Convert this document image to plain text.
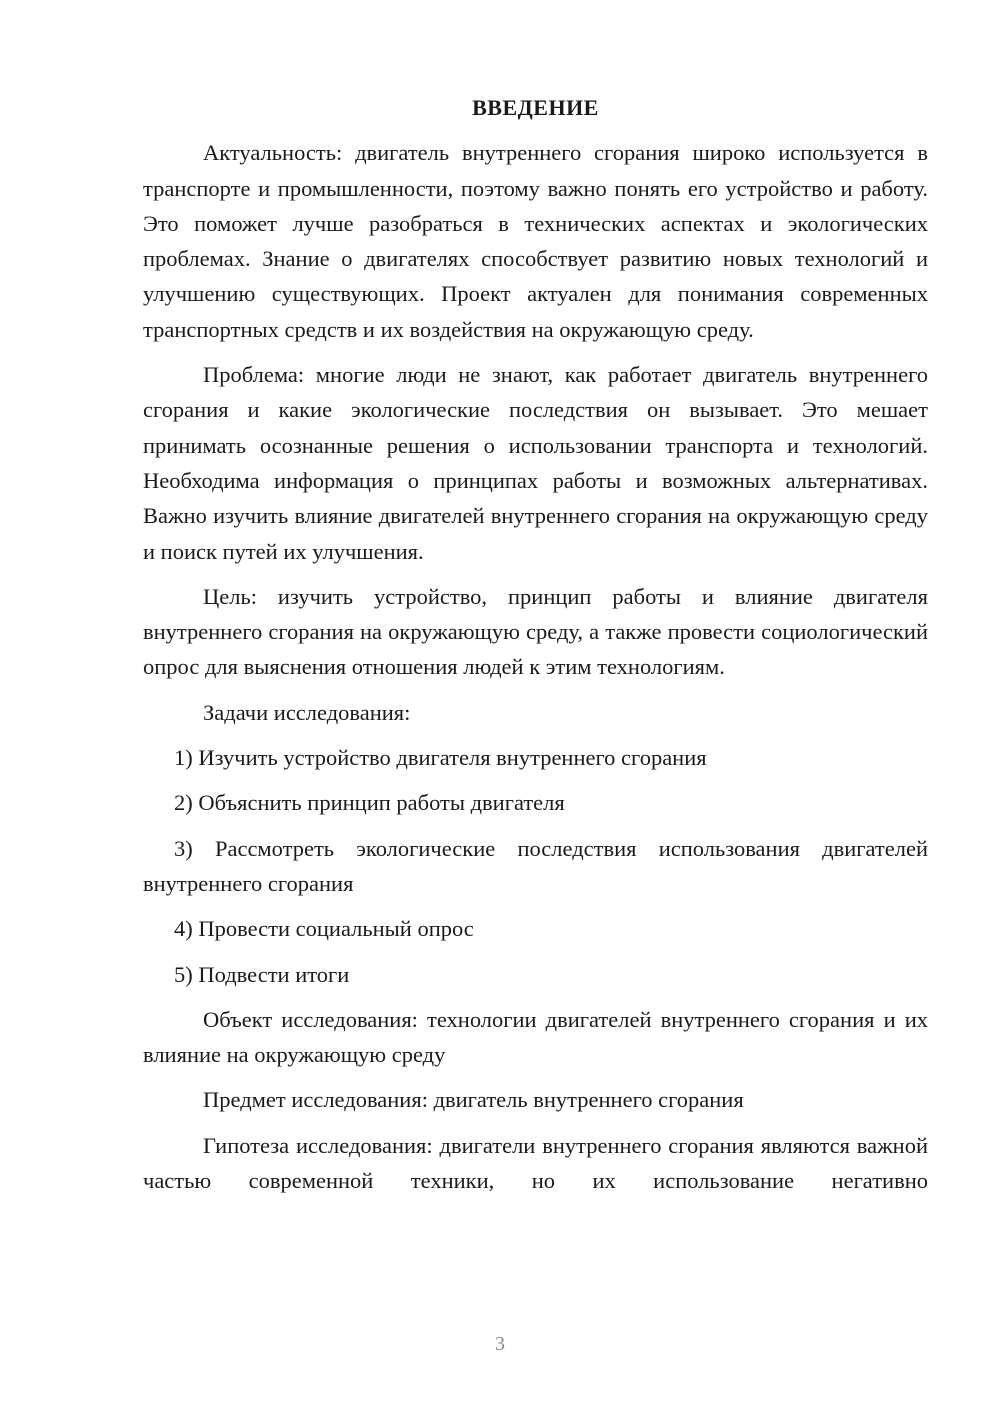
ВВЕДЕНИЕ

Актуальность: двигатель внутреннего сгорания широко используется в транспорте и промышленности, поэтому важно понять его устройство и работу. Это поможет лучше разобраться в технических аспектах и экологических проблемах. Знание о двигателях способствует развитию новых технологий и улучшению существующих. Проект актуален для понимания современных транспортных средств и их воздействия на окружающую среду.

Проблема: многие люди не знают, как работает двигатель внутреннего сгорания и какие экологические последствия он вызывает. Это мешает принимать осознанные решения о использовании транспорта и технологий. Необходима информация о принципах работы и возможных альтернативах. Важно изучить влияние двигателей внутреннего сгорания на окружающую среду и поиск путей их улучшения.

Цель: изучить устройство, принцип работы и влияние двигателя внутреннего сгорания на окружающую среду, а также провести социологический опрос для выяснения отношения людей к этим технологиям.

Задачи исследования:

1) Изучить устройство двигателя внутреннего сгорания

2) Объяснить принцип работы двигателя

3) Рассмотреть экологические последствия использования двигателей внутреннего сгорания

4) Провести социальный опрос

5) Подвести итоги

Объект исследования: технологии двигателей внутреннего сгорания и их влияние на окружающую среду

Предмет исследования: двигатель внутреннего сгорания

Гипотеза исследования: двигатели внутреннего сгорания являются важной частью современной техники, но их использование негативно

3
